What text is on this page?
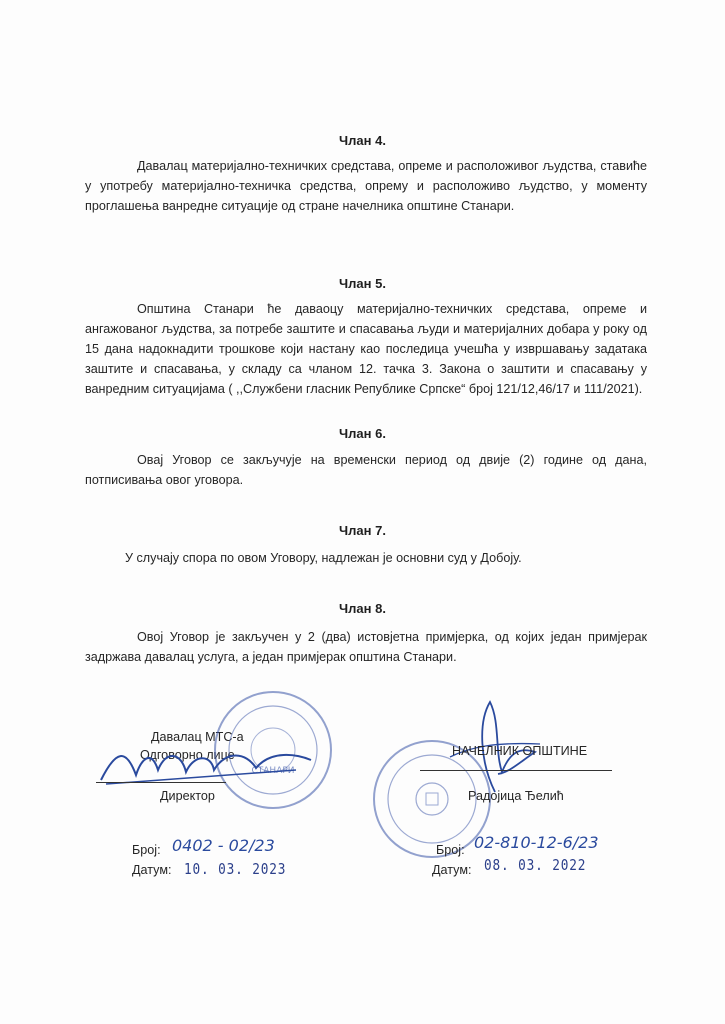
Члан 4.

Давалац материјално-техничких средстава, опреме и расположивог људства, ставиће у употребу материјално-техничка средства, опрему и расположиво људство, у моменту проглашења ванредне ситуације од стране начелника општине Станари.

Члан 5.

Општина Станари ће даваоцу материјално-техничких средстава, опреме и ангажованог људства, за потребе заштите и спасавања људи и материјалних добара у року од 15 дана надокнадити трошкове који настану као последица учешћа у извршавању задатака заштите и спасавања, у складу са чланом 12. тачка 3. Закона о заштити и спасавању у ванредним ситуацијама ( ,,Службени гласник Републике Српске“ број 121/12,46/17 и 111/2021).

Члан 6.

Овај Уговор се закључује на временски период од двије (2) године од дана, потписивања овог уговора.

Члан 7.

У случају спора по овом Уговору, надлежан је основни суд у Добоју.

Члан 8.

Овој Уговор је закључен у 2 (два) истовјетна примјерка, од којих један примјерак задржава давалац услуга, а један примјерак општина Станари.

Давалац МТС-а
Одговорно лице
СТАНАРИ
Директор
Број: 0402 - 02/23
Датум: 10. 03. 2023
НАЧЕЛНИК ОПШТИНЕ
Радојица Ђелић
Број: 02-810-12-6/23
Датум: 08. 03. 2022
